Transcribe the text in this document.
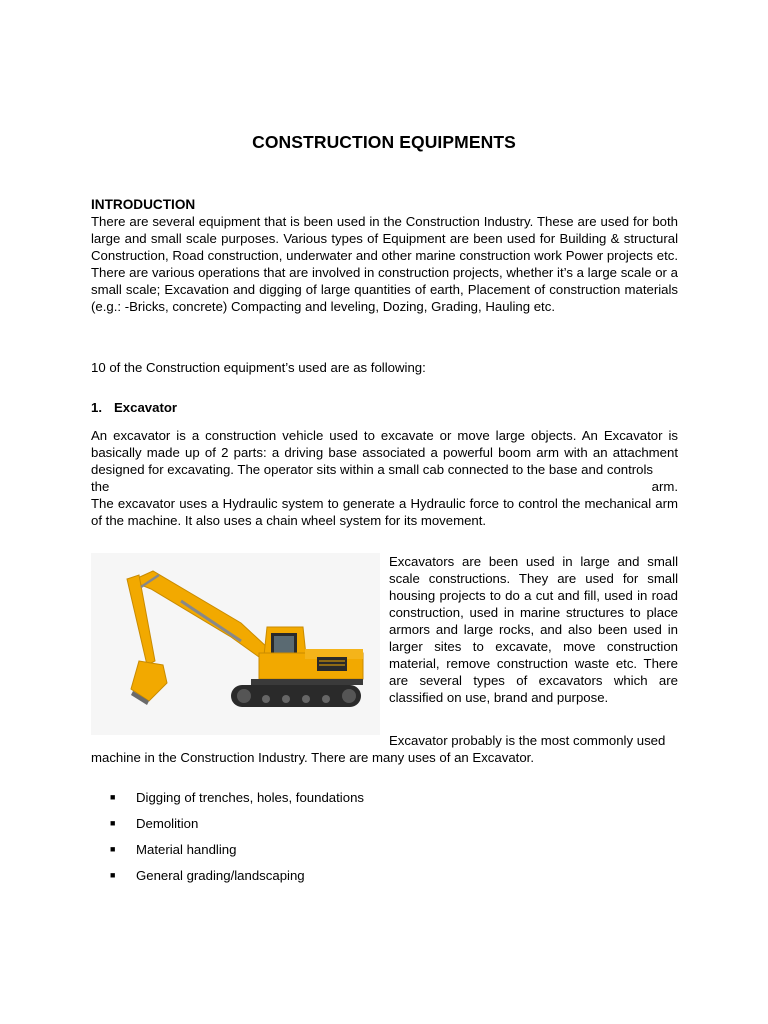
CONSTRUCTION EQUIPMENTS
INTRODUCTION
There are several equipment that is been used in the Construction Industry. These are used for both large and small scale purposes. Various types of Equipment are been used for Building & structural Construction, Road construction, underwater and other marine construction work Power projects etc. There are various operations that are involved in construction projects, whether it’s a large scale or a small scale; Excavation and digging of large quantities of earth, Placement of construction materials (e.g.: -Bricks, concrete) Compacting and leveling, Dozing, Grading, Hauling etc.
10 of the Construction equipment’s used are as following:
1. Excavator
An excavator is a construction vehicle used to excavate or move large objects. An Excavator is basically made up of 2 parts: a driving base associated a powerful boom arm with an attachment designed for excavating. The operator sits within a small cab connected to the base and controls
the arm.
The excavator uses a Hydraulic system to generate a Hydraulic force to control the mechanical arm of the machine. It also uses a chain wheel system for its movement.
Excavators are been used in large and small scale constructions. They are used for small housing projects to do a cut and fill, used in road construction, used in marine structures to place armors and large rocks, and also been used in larger sites to excavate, move construction material, remove construction waste etc. There are several types of excavators which are classified on use, brand and purpose.
Excavator probably is the most commonly used
machine in the Construction Industry. There are many uses of an Excavator.
■	Digging of trenches, holes, foundations
■	Demolition
■	Material handling
■	General grading/landscaping
